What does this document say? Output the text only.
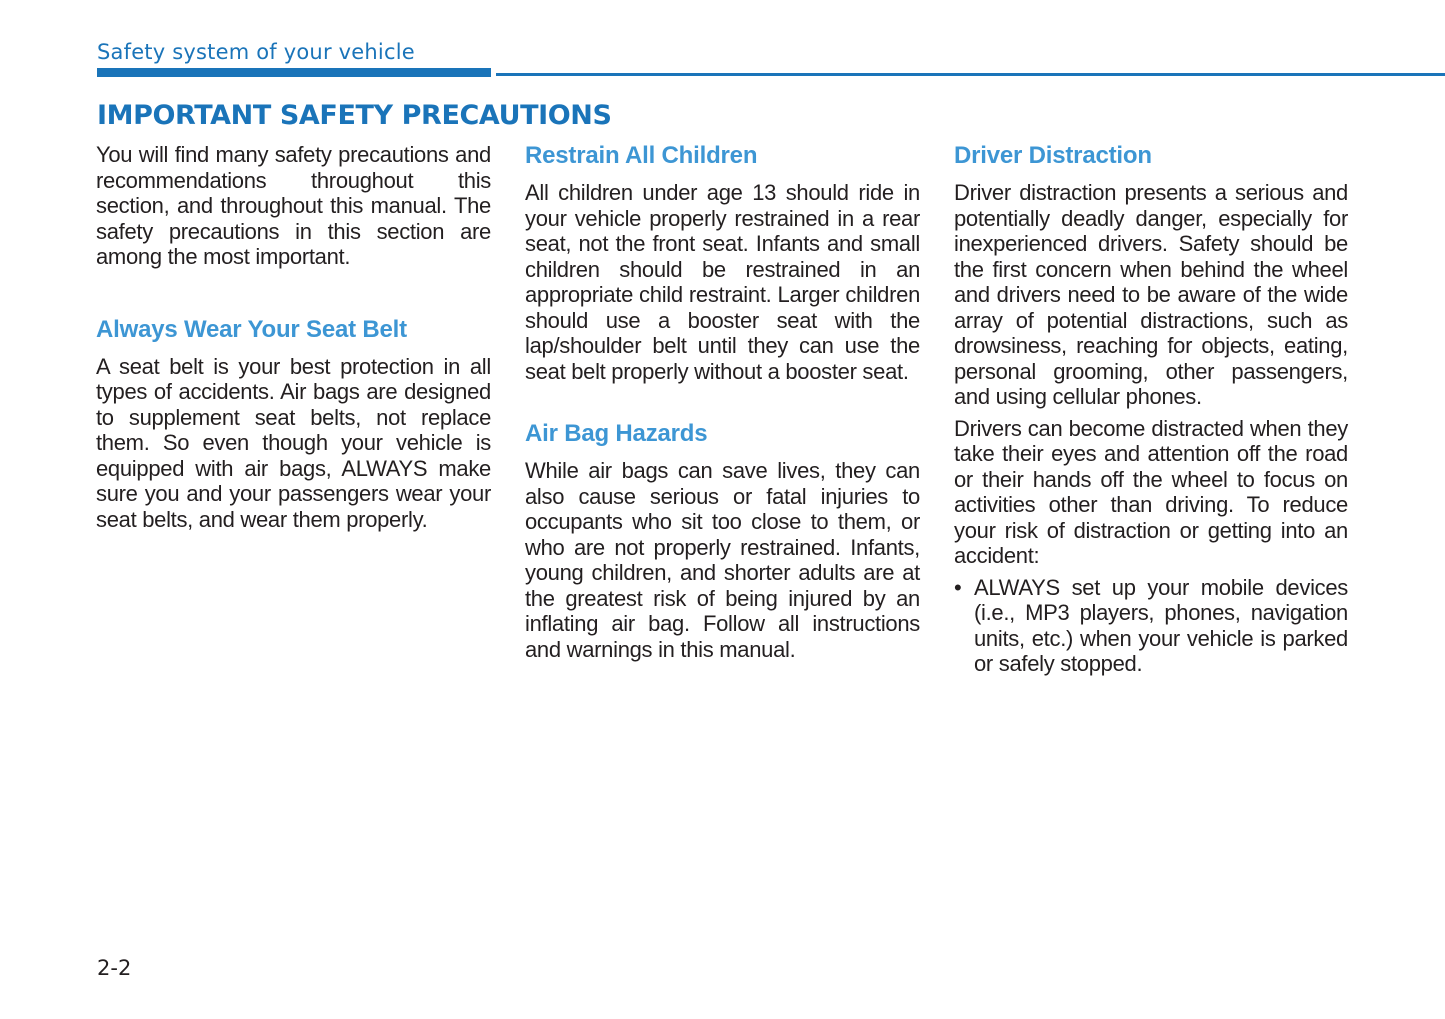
Safety system of your vehicle
IMPORTANT SAFETY PRECAUTIONS

You will find many safety precautions and recommendations throughout this section, and throughout this manual. The safety precautions in this section are among the most important.

Always Wear Your Seat Belt

A seat belt is your best protection in all types of accidents. Air bags are designed to supplement seat belts, not replace them. So even though your vehicle is equipped with air bags, ALWAYS make sure you and your passengers wear your seat belts, and wear them properly.

Restrain All Children

All children under age 13 should ride in your vehicle properly restrained in a rear seat, not the front seat. Infants and small children should be restrained in an appropriate child restraint. Larger children should use a booster seat with the lap/shoulder belt until they can use the seat belt properly without a booster seat.

Air Bag Hazards

While air bags can save lives, they can also cause serious or fatal injuries to occupants who sit too close to them, or who are not properly restrained. Infants, young children, and shorter adults are at the greatest risk of being injured by an inflating air bag. Follow all instructions and warnings in this manual.

Driver Distraction

Driver distraction presents a serious and potentially deadly danger, especially for inexperienced drivers. Safety should be the first concern when behind the wheel and drivers need to be aware of the wide array of potential distractions, such as drowsiness, reaching for objects, eating, personal grooming, other passengers, and using cellular phones.

Drivers can become distracted when they take their eyes and attention off the road or their hands off the wheel to focus on activities other than driving. To reduce your risk of distraction or getting into an accident:

• ALWAYS set up your mobile devices (i.e., MP3 players, phones, navigation units, etc.) when your vehicle is parked or safely stopped.

2-2
